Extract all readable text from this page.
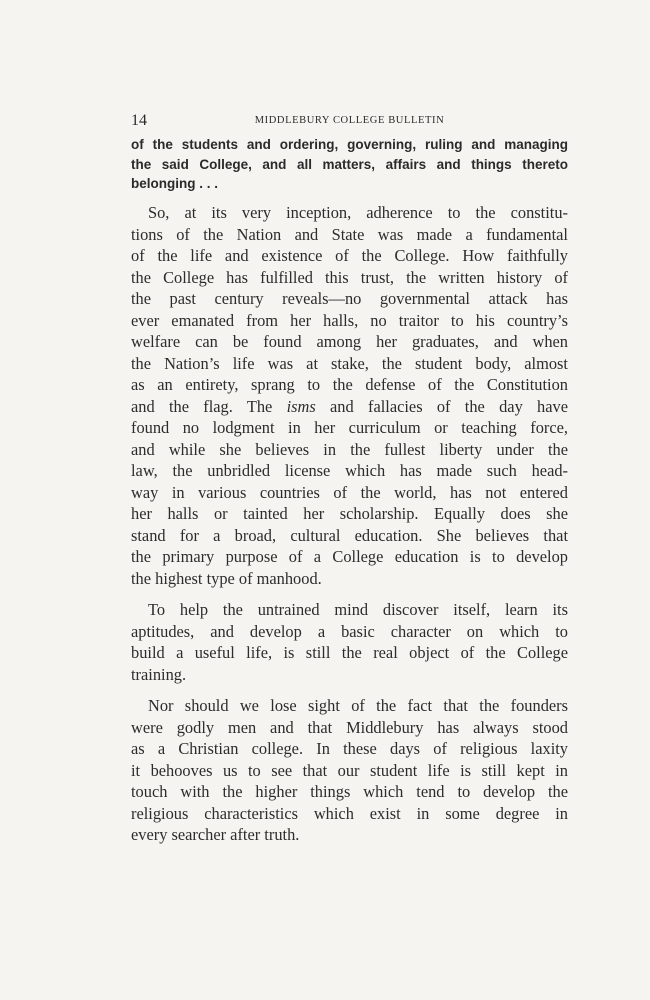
14	MIDDLEBURY COLLEGE BULLETIN
of the students and ordering, governing, ruling and managing
the said College, and all matters, affairs and things thereto
belonging . . .
So, at its very inception, adherence to the constitu-
tions of the Nation and State was made a fundamental
of the life and existence of the College. How faithfully
the College has fulfilled this trust, the written history of
the past century reveals—no governmental attack has
ever emanated from her halls, no traitor to his country’s
welfare can be found among her graduates, and when
the Nation’s life was at stake, the student body, almost
as an entirety, sprang to the defense of the Constitution
and the flag. The isms and fallacies of the day have
found no lodgment in her curriculum or teaching force,
and while she believes in the fullest liberty under the
law, the unbridled license which has made such head-
way in various countries of the world, has not entered
her halls or tainted her scholarship. Equally does she
stand for a broad, cultural education. She believes that
the primary purpose of a College education is to develop
the highest type of manhood.
To help the untrained mind discover itself, learn its
aptitudes, and develop a basic character on which to
build a useful life, is still the real object of the College
training.
Nor should we lose sight of the fact that the founders
were godly men and that Middlebury has always stood
as a Christian college. In these days of religious laxity
it behooves us to see that our student life is still kept in
touch with the higher things which tend to develop the
religious characteristics which exist in some degree in
every searcher after truth.
